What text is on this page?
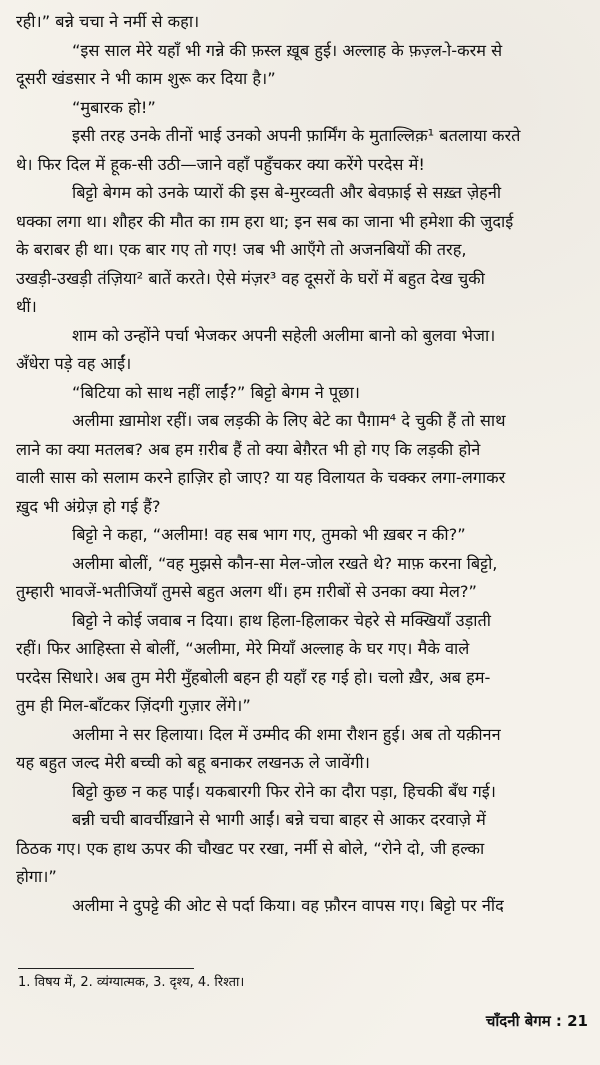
रही।” बन्ने चचा ने नर्मी से कहा।
“इस साल मेरे यहाँ भी गन्ने की फ़स्ल ख़ूब हुई। अल्लाह के फ़ज़्ल-ो-करम से
दूसरी खंडसार ने भी काम शुरू कर दिया है।”
“मुबारक हो!”
इसी तरह उनके तीनों भाई उनको अपनी फ़ार्मिंग के मुताल्लिक़¹ बतलाया करते
थे। फिर दिल में हूक-सी उठी—जाने वहाँ पहुँचकर क्या करेंगे परदेस में!
बिट्टो बेगम को उनके प्यारों की इस बे-मुरव्वती और बेवफ़ाई से सख़्त ज़ेहनी
धक्का लगा था। शौहर की मौत का ग़म हरा था; इन सब का जाना भी हमेशा की जुदाई
के बराबर ही था। एक बार गए तो गए! जब भी आएँगे तो अजनबियों की तरह,
उखड़ी-उखड़ी तंज़िया² बातें करते। ऐसे मंज़र³ वह दूसरों के घरों में बहुत देख चुकी
थीं।
शाम को उन्होंने पर्चा भेजकर अपनी सहेली अलीमा बानो को बुलवा भेजा।
अँधेरा पड़े वह आईं।
“बिटिया को साथ नहीं लाईं?” बिट्टो बेगम ने पूछा।
अलीमा ख़ामोश रहीं। जब लड़की के लिए बेटे का पैग़ाम⁴ दे चुकी हैं तो साथ
लाने का क्या मतलब? अब हम ग़रीब हैं तो क्या बेग़ैरत भी हो गए कि लड़की होने
वाली सास को सलाम करने हाज़िर हो जाए? या यह विलायत के चक्कर लगा-लगाकर
ख़ुद भी अंग्रेज़ हो गई हैं?
बिट्टो ने कहा, “अलीमा! वह सब भाग गए, तुमको भी ख़बर न की?”
अलीमा बोलीं, “वह मुझसे कौन-सा मेल-जोल रखते थे? माफ़ करना बिट्टो,
तुम्हारी भावजें-भतीजियाँ तुमसे बहुत अलग थीं। हम ग़रीबों से उनका क्या मेल?”
बिट्टो ने कोई जवाब न दिया। हाथ हिला-हिलाकर चेहरे से मक्खियाँ उड़ाती
रहीं। फिर आहिस्ता से बोलीं, “अलीमा, मेरे मियाँ अल्लाह के घर गए। मैके वाले
परदेस सिधारे। अब तुम मेरी मुँहबोली बहन ही यहाँ रह गई हो। चलो ख़ैर, अब हम-
तुम ही मिल-बाँटकर ज़िंदगी गुज़ार लेंगे।”
अलीमा ने सर हिलाया। दिल में उम्मीद की शमा रौशन हुई। अब तो यक़ीनन
यह बहुत जल्द मेरी बच्ची को बहू बनाकर लखनऊ ले जावेंगी।
बिट्टो कुछ न कह पाईं। यकबारगी फिर रोने का दौरा पड़ा, हिचकी बँध गई।
बन्नी चची बावर्चीख़ाने से भागी आईं। बन्ने चचा बाहर से आकर दरवाज़े में
ठिठक गए। एक हाथ ऊपर की चौखट पर रखा, नर्मी से बोले, “रोने दो, जी हल्का
होगा।”
अलीमा ने दुपट्टे की ओट से पर्दा किया। वह फ़ौरन वापस गए। बिट्टो पर नींद
1. विषय में, 2. व्यंग्यात्मक, 3. दृश्य, 4. रिश्ता।
चाँदनी बेगम : 21
